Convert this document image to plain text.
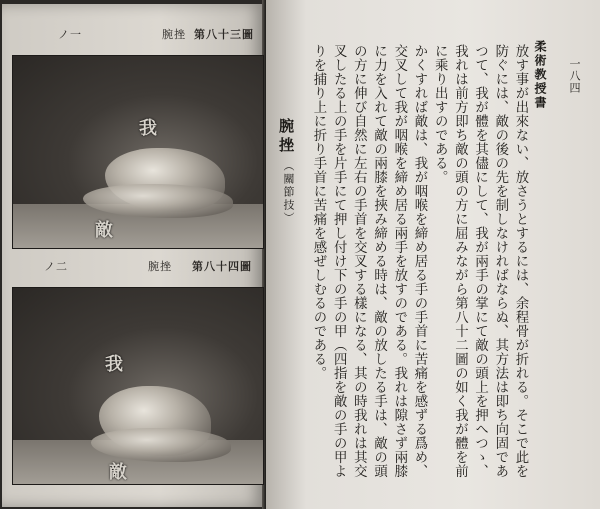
ノ一	腕挫 第八十三圖
我
敵
ノ二	腕挫 第八十四圖
我
敵
一八四
柔術教授書

放す事が出來ない、放さうとするには、余程骨が折れる。そこで此を防ぐには、敵の後の先を制しなければならぬ、其方法は即ち向固であつて、我が體を其儘にして、我が兩手の掌にて敵の頭上を押へつゝ、我れは前方即ち敵の頭の方に屈みながら第八十二圖の如く我が體を前に乘り出すのである。

かくすれば敵は、我が咽喉を締め居る手の手首に苦痛を感ずる爲め、交叉して我が咽喉を締め居る兩手を放すのである。我れは隙さず兩膝に力を入れて敵の兩膝を挾み締める時は、敵の放したる手は、敵の頭の方に伸び自然に左右の手首を交叉する樣になる、其の時我れは其交叉したる上の手を片手にて押し付け下の手の甲（四指を敵の手の甲よりを捕り上に折り手首に苦痛を感ぜしむるのである。

腕挫
（關節技）
